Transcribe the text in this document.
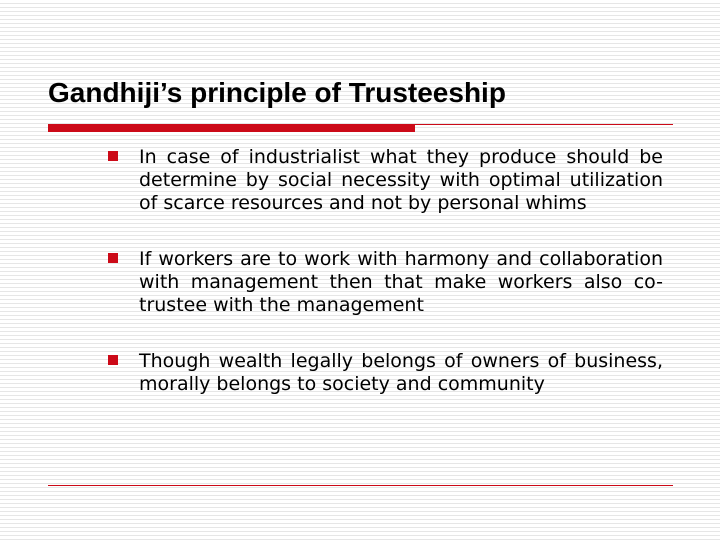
Gandhiji’s principle of Trusteeship
In case of industrialist what they produce should be determine by social necessity with optimal utilization of scarce resources and not by personal whims
If workers are to work with harmony and collaboration with management then that make workers also co-trustee with the management
Though wealth legally belongs of owners of business, morally belongs to society and community
